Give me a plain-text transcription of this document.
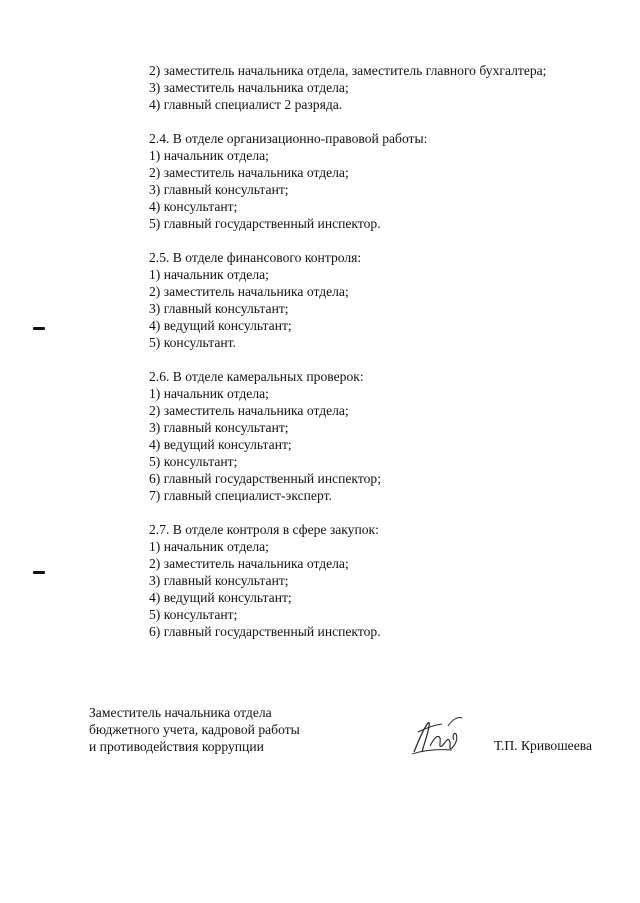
2) заместитель начальника отдела, заместитель главного бухгалтера;
3) заместитель начальника отдела;
4) главный специалист 2 разряда.
2.4. В отделе организационно-правовой работы:
1) начальник отдела;
2) заместитель начальника отдела;
3) главный консультант;
4) консультант;
5) главный государственный инспектор.
2.5. В отделе финансового контроля:
1) начальник отдела;
2) заместитель начальника отдела;
3) главный консультант;
4) ведущий консультант;
5) консультант.
2.6. В отделе камеральных проверок:
1) начальник отдела;
2) заместитель начальника отдела;
3) главный консультант;
4) ведущий консультант;
5) консультант;
6) главный государственный инспектор;
7) главный специалист-эксперт.
2.7. В отделе контроля в сфере закупок:
1) начальник отдела;
2) заместитель начальника отдела;
3) главный консультант;
4) ведущий консультант;
5) консультант;
6) главный государственный инспектор.
Заместитель начальника отдела
бюджетного учета, кадровой работы
и противодействия коррупции	Т.П. Кривошеева
